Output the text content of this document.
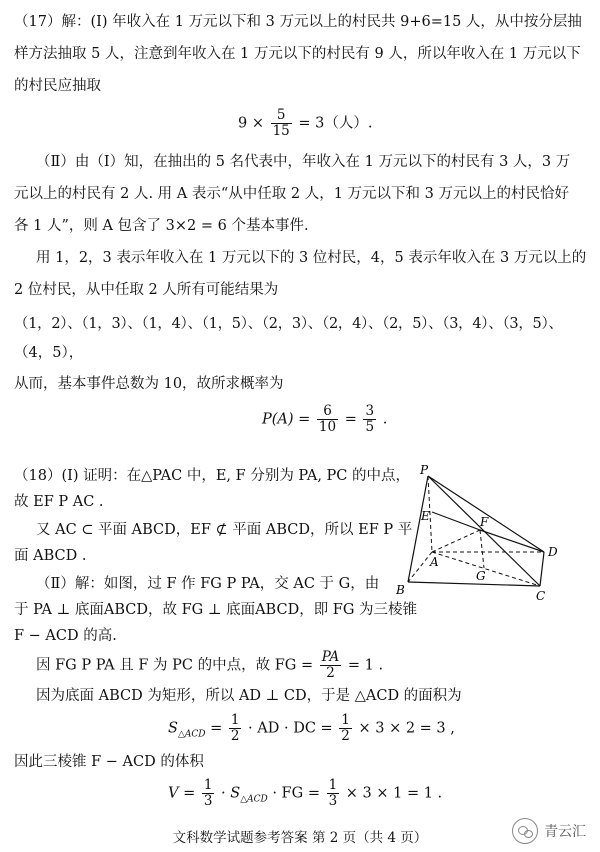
（17）解：(Ⅰ) 年收入在 1 万元以下和 3 万元以上的村民共 9+6=15 人，从中按分层抽
样方法抽取 5 人，注意到年收入在 1 万元以下的村民有 9 人，所以年收入在 1 万元以下
的村民应抽取
$9 \times \frac{5}{15} = 3$（人）.
（Ⅱ）由（Ⅰ）知，在抽出的 5 名代表中，年收入在 1 万元以下的村民有 3 人，3 万
元以上的村民有 2 人. 用 A 表示“从中任取 2 人，1 万元以下和 3 万元以上的村民恰好
各 1 人”，则 A 包含了 3×2 = 6 个基本事件.
用 1，2，3 表示年收入在 1 万元以下的 3 位村民，4，5 表示年收入在 3 万元以上的
2 位村民，从中任取 2 人所有可能结果为
（1，2）、（1，3）、（1，4）、（1，5）、（2，3）、（2，4）、（2，5）、（3，4）、（3，5）、
（4，5），
从而，基本事件总数为 10，故所求概率为
$P(A) = \frac{6}{10} = \frac{3}{5}$ .
（18）(Ⅰ) 证明：在△PAC 中，E, F 分别为 PA, PC 的中点，
故 EF P AC .
又 AC ⊂ 平面 ABCD，EF ⊄ 平面 ABCD，所以 EF P 平
面 ABCD .
（Ⅱ）解：如图，过 F 作 FG P PA，交 AC 于 G，由
于 PA ⊥ 底面ABCD，故 FG ⊥ 底面ABCD，即 FG 为三棱锥
F − ACD 的高.
因 FG P PA 且 F 为 PC 的中点，故 FG = $\frac{PA}{2} = 1$ .
因为底面 ABCD 为矩形，所以 AD ⊥ CD，于是 △ACD 的面积为
$S_{\triangle ACD} = \frac{1}{2}$ · AD · DC = $\frac{1}{2} \times 3 \times 2 = 3$ ,
因此三棱锥 F − ACD 的体积
$V = \frac{1}{3} \cdot S_{\triangle ACD}$ · FG = $\frac{1}{3} \times 3 \times 1 = 1$ .
P
E	F
A
G
B	C
D
文科数学试题参考答案 第 2 页（共 4 页）	青云汇
